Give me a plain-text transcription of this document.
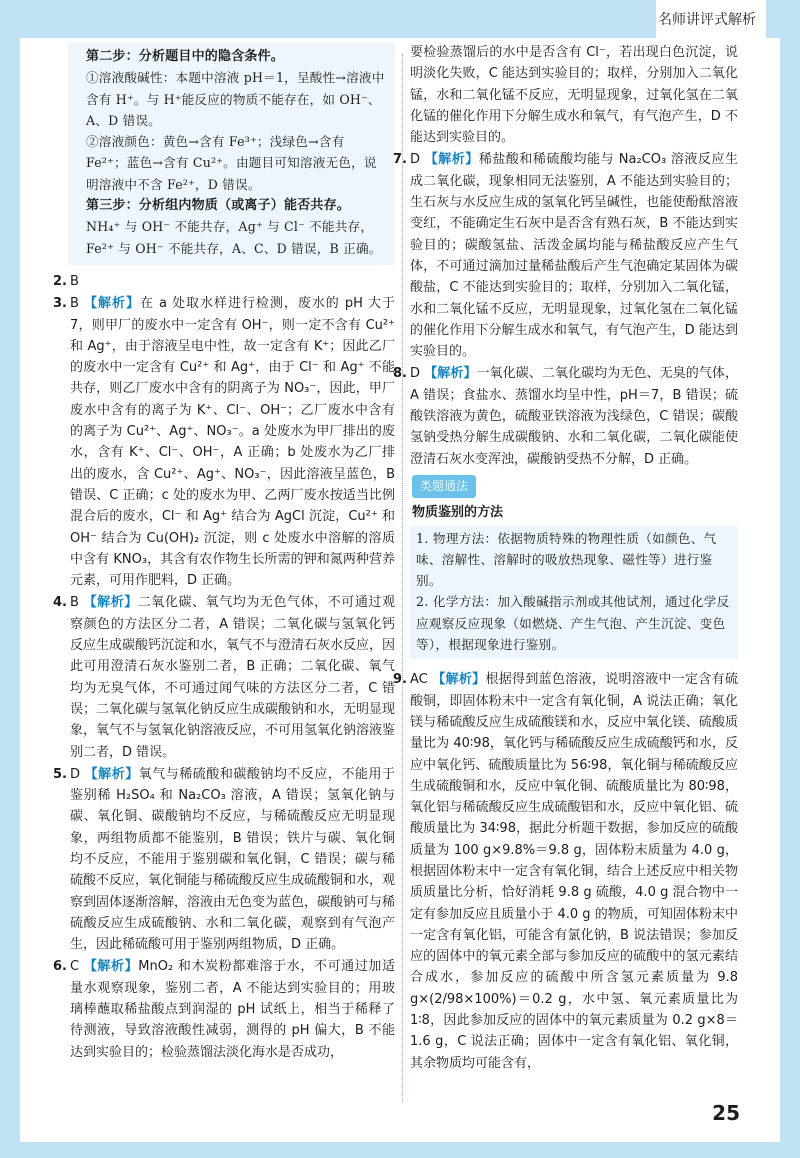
名师讲评式解析

第二步：分析题目中的隐含条件。

①溶液酸碱性：本题中溶液 pH＝1，呈酸性→溶液中含有 H⁺。与 H⁺能反应的物质不能存在，如 OH⁻、A、D 错误。

②溶液颜色：黄色→含有 Fe³⁺；浅绿色→含有 Fe²⁺；蓝色→含有 Cu²⁺。由题目可知溶液无色，说明溶液中不含 Fe²⁺，D 错误。

第三步：分析组内物质（或离子）能否共存。

NH₄⁺ 与 OH⁻ 不能共存，Ag⁺ 与 Cl⁻ 不能共存，Fe²⁺ 与 OH⁻ 不能共存，A、C、D 错误，B 正确。

2. B
3. B 【解析】在 a 处取水样进行检测，废水的 pH 大于 7，则甲厂的废水中一定含有 OH⁻，则一定不含有 Cu²⁺ 和 Ag⁺，由于溶液呈电中性，故一定含有 K⁺；因此乙厂的废水中一定含有 Cu²⁺ 和 Ag⁺，由于 Cl⁻ 和 Ag⁺ 不能共存，则乙厂废水中含有的阴离子为 NO₃⁻，因此，甲厂废水中含有的离子为 K⁺、Cl⁻、OH⁻；乙厂废水中含有的离子为 Cu²⁺、Ag⁺、NO₃⁻。a 处废水为甲厂排出的废水，含有 K⁺、Cl⁻、OH⁻，A 正确；b 处废水为乙厂排出的废水，含 Cu²⁺、Ag⁺、NO₃⁻，因此溶液呈蓝色，B 错误、C 正确；c 处的废水为甲、乙两厂废水按适当比例混合后的废水，Cl⁻ 和 Ag⁺ 结合为 AgCl 沉淀，Cu²⁺ 和 OH⁻ 结合为 Cu(OH)₂ 沉淀，则 c 处废水中溶解的溶质中含有 KNO₃，其含有农作物生长所需的钾和氮两种营养元素，可用作肥料，D 正确。
4. B 【解析】二氧化碳、氧气均为无色气体，不可通过观察颜色的方法区分二者，A 错误；二氧化碳与氢氧化钙反应生成碳酸钙沉淀和水，氧气不与澄清石灰水反应，因此可用澄清石灰水鉴别二者，B 正确；二氧化碳、氧气均为无臭气体，不可通过闻气味的方法区分二者，C 错误；二氧化碳与氢氧化钠反应生成碳酸钠和水，无明显现象，氧气不与氢氧化钠溶液反应，不可用氢氧化钠溶液鉴别二者，D 错误。
5. D 【解析】氧气与稀硫酸和碳酸钠均不反应，不能用于鉴别稀 H₂SO₄ 和 Na₂CO₃ 溶液，A 错误；氢氧化钠与碳、氧化铜、碳酸钠均不反应，与稀硫酸反应无明显现象，两组物质都不能鉴别，B 错误；铁片与碳、氧化铜均不反应，不能用于鉴别碳和氧化铜，C 错误；碳与稀硫酸不反应，氧化铜能与稀硫酸反应生成硫酸铜和水，观察到固体逐渐溶解，溶液由无色变为蓝色，碳酸钠可与稀硫酸反应生成硫酸钠、水和二氧化碳，观察到有气泡产生，因此稀硫酸可用于鉴别两组物质，D 正确。
6. C 【解析】MnO₂ 和木炭粉都难溶于水，不可通过加适量水观察现象，鉴别二者，A 不能达到实验目的；用玻璃棒蘸取稀盐酸点到润湿的 pH 试纸上，相当于稀释了待测液，导致溶液酸性减弱，测得的 pH 偏大，B 不能达到实验目的；检验蒸馏法淡化海水是否成功，
要检验蒸馏后的水中是否含有 Cl⁻，若出现白色沉淀，说明淡化失败，C 能达到实验目的；取样，分别加入二氧化锰，水和二氧化锰不反应，无明显现象，过氧化氢在二氧化锰的催化作用下分解生成水和氧气，有气泡产生，D 不能达到实验目的。
7. D 【解析】稀盐酸和稀硫酸均能与 Na₂CO₃ 溶液反应生成二氧化碳，现象相同无法鉴别，A 不能达到实验目的；生石灰与水反应生成的氢氧化钙呈碱性，也能使酚酞溶液变红，不能确定生石灰中是否含有熟石灰，B 不能达到实验目的；碳酸氢盐、活泼金属均能与稀盐酸反应产生气体，不可通过滴加过量稀盐酸后产生气泡确定某固体为碳酸盐，C 不能达到实验目的；取样，分别加入二氧化锰，水和二氧化锰不反应，无明显现象，过氧化氢在二氧化锰的催化作用下分解生成水和氧气，有气泡产生，D 能达到实验目的。
8. D 【解析】一氧化碳、二氧化碳均为无色、无臭的气体，A 错误；食盐水、蒸馏水均呈中性，pH＝7，B 错误；硫酸铁溶液为黄色，硫酸亚铁溶液为浅绿色，C 错误；碳酸氢钠受热分解生成碳酸钠、水和二氧化碳，二氧化碳能使澄清石灰水变浑浊，碳酸钠受热不分解，D 正确。
类题通法
物质鉴别的方法

1. 物理方法：依据物质特殊的物理性质（如颜色、气味、溶解性、溶解时的吸放热现象、磁性等）进行鉴别。

2. 化学方法：加入酸碱指示剂或其他试剂，通过化学反应观察反应现象（如燃烧、产生气泡、产生沉淀、变色等），根据现象进行鉴别。

9. AC 【解析】根据得到蓝色溶液，说明溶液中一定含有硫酸铜，即固体粉末中一定含有氧化铜，A 说法正确；氧化镁与稀硫酸反应生成硫酸镁和水，反应中氧化镁、硫酸质量比为 40∶98，氧化钙与稀硫酸反应生成硫酸钙和水，反应中氧化钙、硫酸质量比为 56∶98，氧化铜与稀硫酸反应生成硫酸铜和水，反应中氧化铜、硫酸质量比为 80∶98，氧化铝与稀硫酸反应生成硫酸铝和水，反应中氧化铝、硫酸质量比为 34∶98，据此分析题干数据，参加反应的硫酸质量为 100 g×9.8%＝9.8 g，固体粉末质量为 4.0 g，根据固体粉末中一定含有氧化铜，结合上述反应中相关物质质量比分析，恰好消耗 9.8 g 硫酸，4.0 g 混合物中一定有参加反应且质量小于 4.0 g 的物质，可知固体粉末中一定含有氧化铝，可能含有氯化钠，B 说法错误；参加反应的固体中的氧元素全部与参加反应的硫酸中的氢元素结合成水，参加反应的硫酸中所含氢元素质量为 9.8 g×(2/98×100%)＝0.2 g，水中氢、氧元素质量比为 1∶8，因此参加反应的固体中的氧元素质量为 0.2 g×8＝1.6 g，C 说法正确；固体中一定含有氧化铝、氧化铜，其余物质均可能含有，
25
